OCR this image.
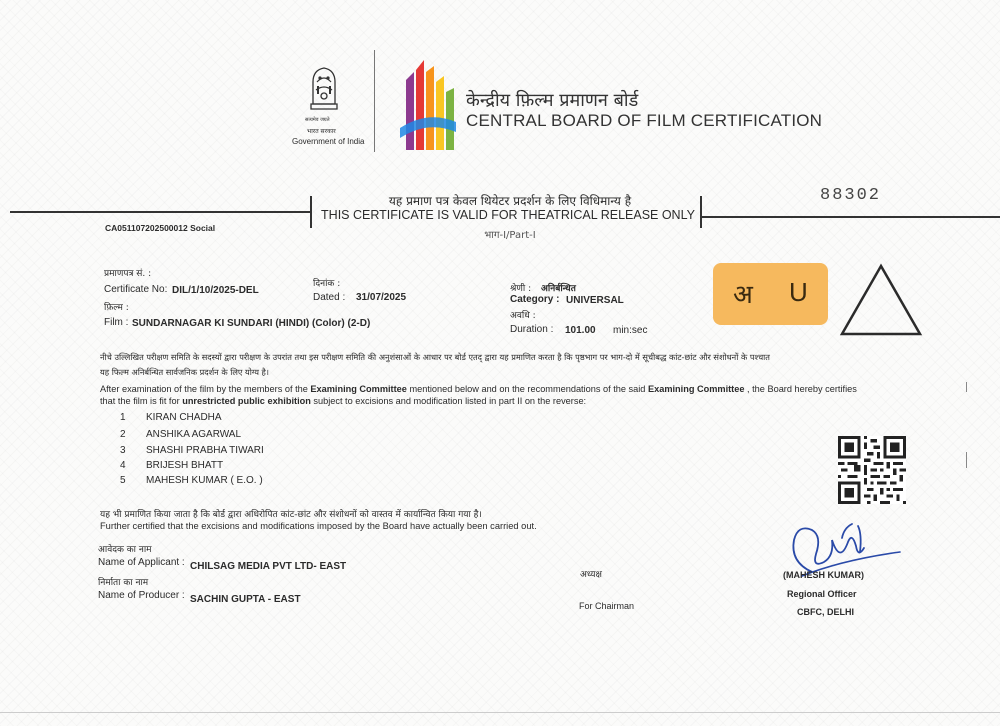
सत्यमेव जयते
भारत सरकार
Government of India
केन्द्रीय फ़िल्म प्रमाणन बोर्ड
CENTRAL BOARD OF FILM CERTIFICATION
यह प्रमाण पत्र केवल थियेटर प्रदर्शन के लिए विधिमान्य है
THIS CERTIFICATE IS VALID FOR THEATRICAL RELEASE ONLY
भाग-I/Part-I
88302
CA051107202500012 Social
प्रमाणपत्र सं. :
Certificate No: DIL/1/10/2025-DEL
दिनांक :
Dated : 31/07/2025
फ़िल्म :
Film : SUNDARNAGAR KI SUNDARI (HINDI) (Color) (2-D)
श्रेणी : अनिर्बन्धित
Category : UNIVERSAL
अवधि :
Duration : 101.00 min:sec
अ U
नीचे उल्लिखित परीक्षण समिति के सदस्यों द्वारा परीक्षण के उपरांत तथा इस परीक्षण समिति की अनुशंसाओं के आधार पर बोर्ड एतद् द्वारा यह प्रमाणित करता है कि पृष्ठभाग पर भाग-दो में सूचीबद्ध कांट-छांट और संशोधनों के पश्चात
यह फिल्म अनिर्बन्धित सार्वजनिक प्रदर्शन के लिए योग्य है।
After examination of the film by the members of the Examining Committee mentioned below and on the recommendations of the said Examining Committee , the Board hereby certifies
that the film is fit for unrestricted public exhibition subject to excisions and modification listed in part II on the reverse:
1 KIRAN CHADHA
2 ANSHIKA AGARWAL
3 SHASHI PRABHA TIWARI
4 BRIJESH BHATT
5 MAHESH KUMAR ( E.O. )
यह भी प्रमाणित किया जाता है कि बोर्ड द्वारा अधिरोपित कांट-छांट और संशोधनों को वास्तव में कार्यान्वित किया गया है।
Further certified that the excisions and modifications imposed by the Board have actually been carried out.
आवेदक का नाम
Name of Applicant : CHILSAG MEDIA PVT LTD- EAST
निर्माता का नाम
Name of Producer : SACHIN GUPTA - EAST
अध्यक्ष
For Chairman
(MAHESH KUMAR)
Regional Officer
CBFC, DELHI
